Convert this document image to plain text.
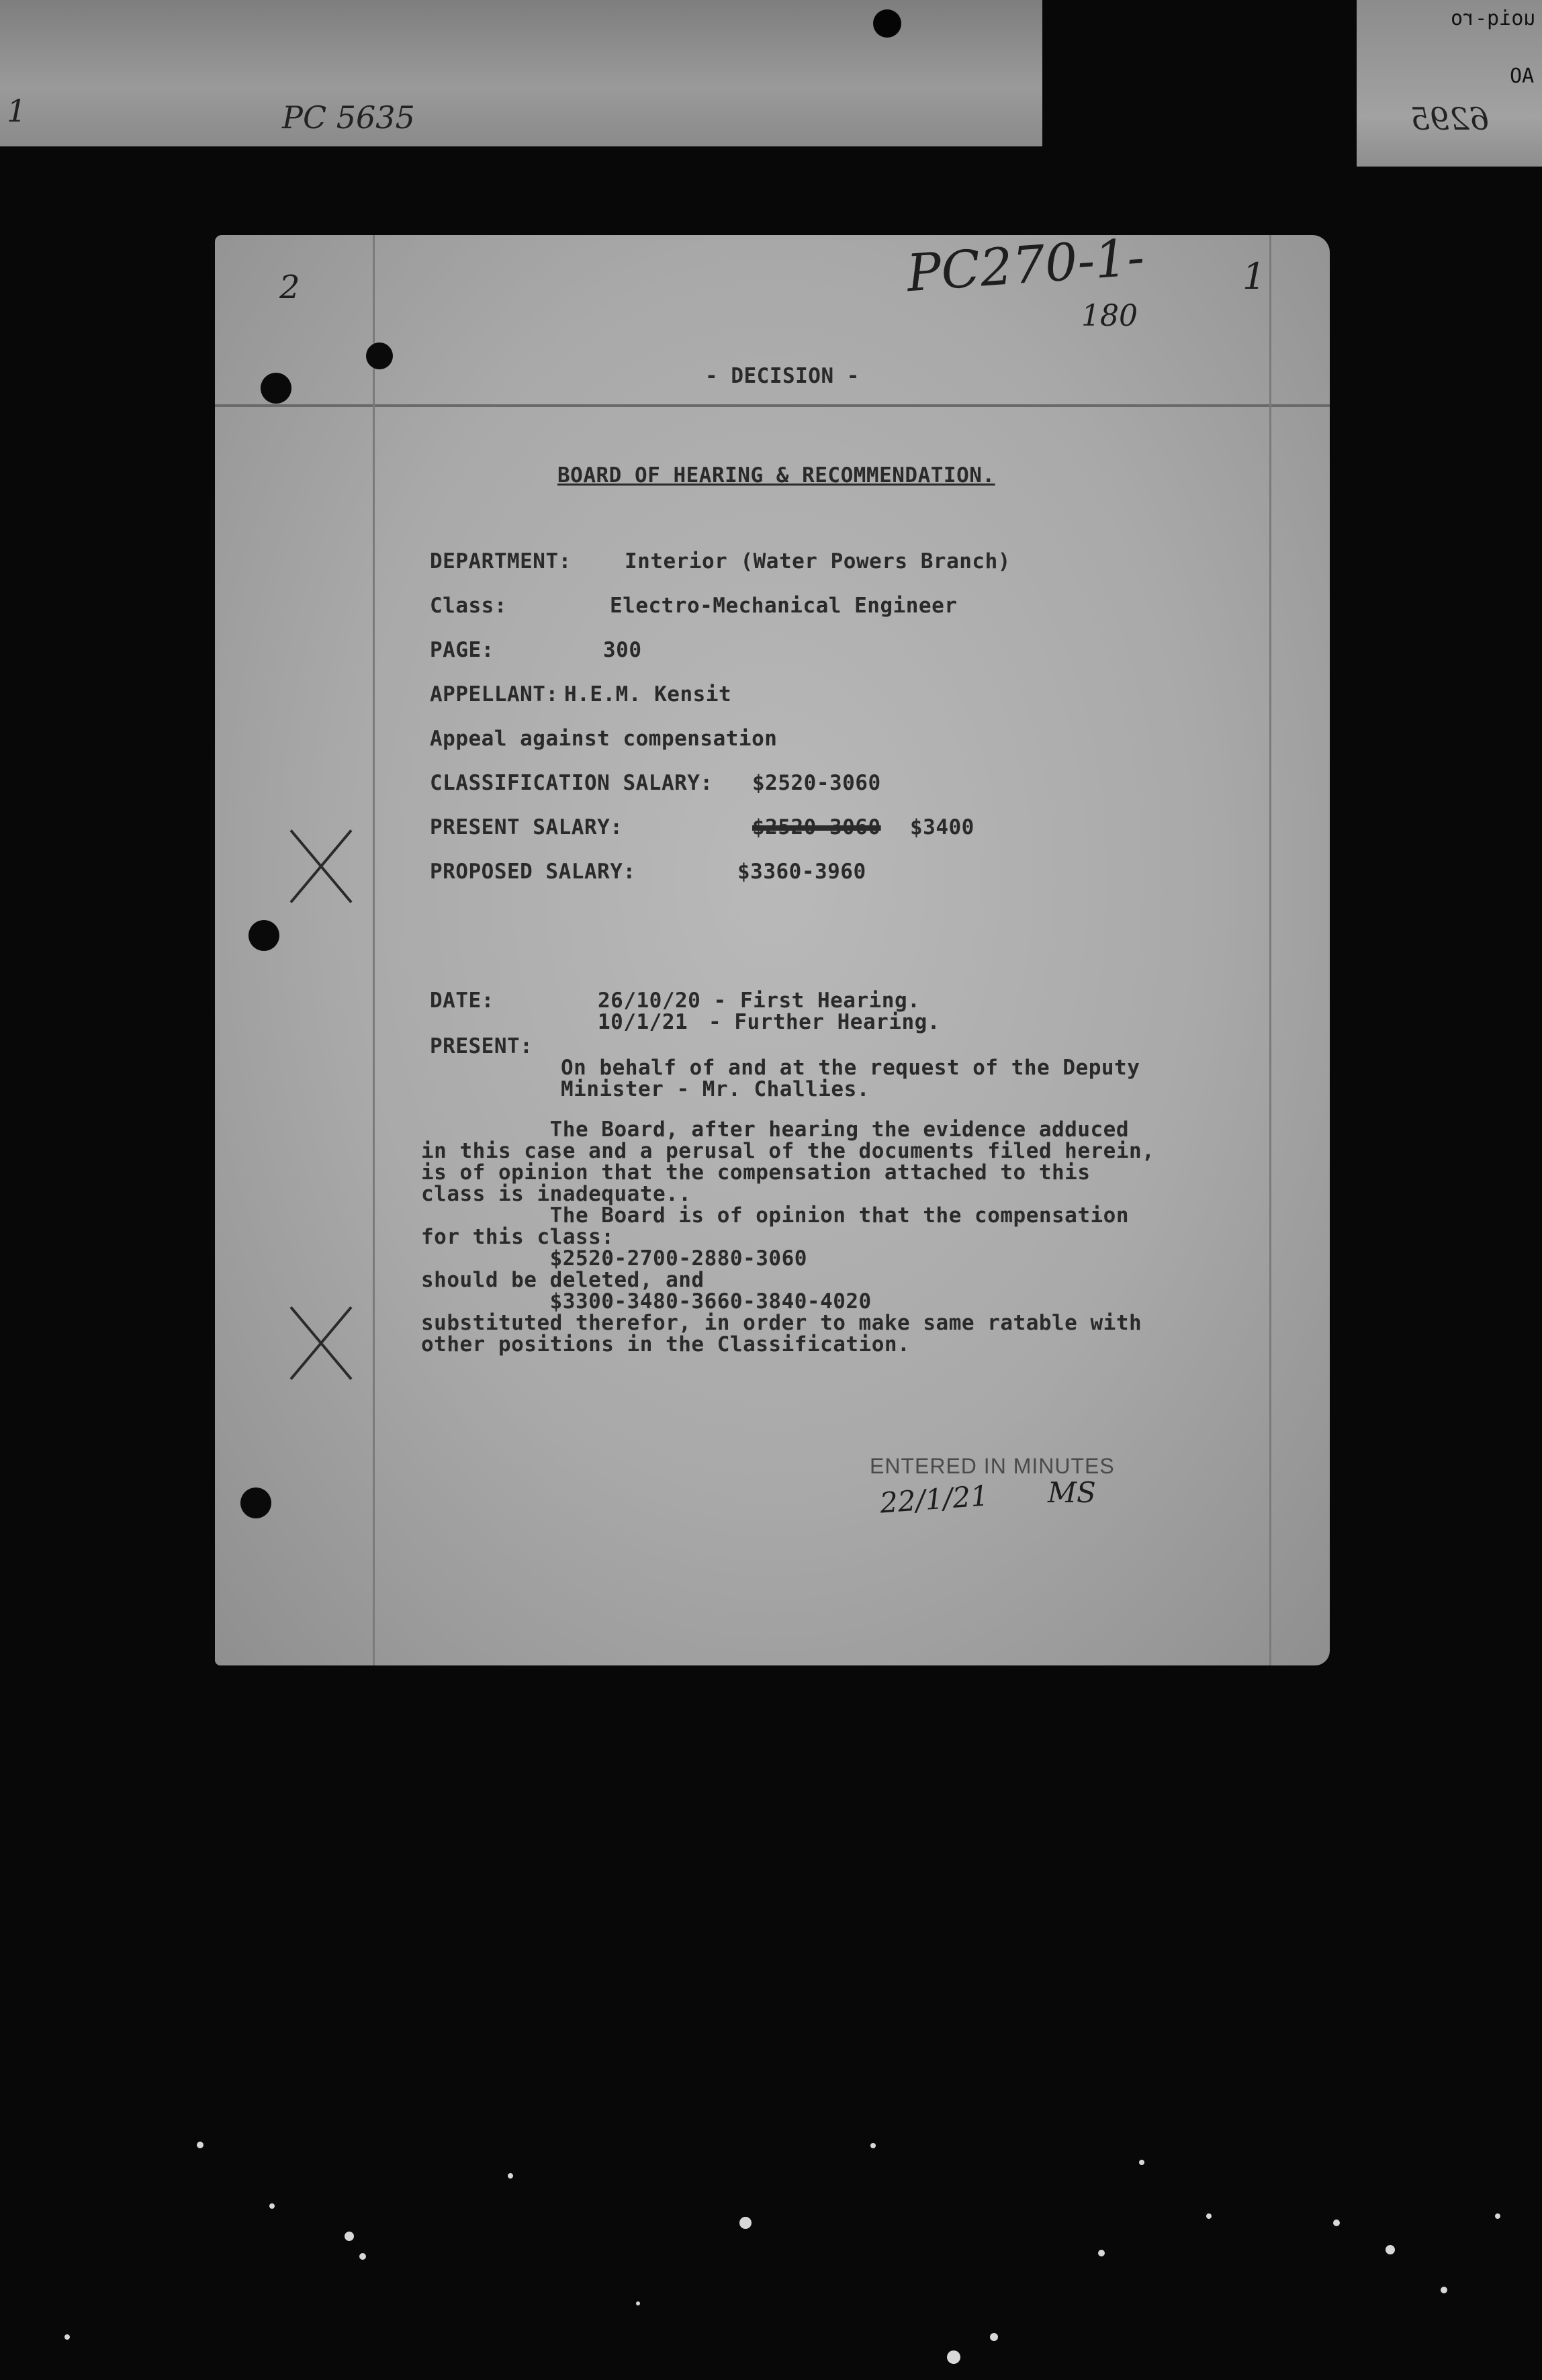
PC 5635
1
uoiq-ro
AO
6295
2	PC270-1-
180
1
- DECISION -
BOARD OF HEARING & RECOMMENDATION.
DEPARTMENT:	Interior (Water Powers Branch)
Class:	Electro-Mechanical Engineer
PAGE:	300
APPELLANT: H.E.M. Kensit
Appeal against compensation
CLASSIFICATION SALARY: $2520-3060
PRESENT SALARY:	$2520-3060 $3400
PROPOSED SALARY:	$3360-3960
DATE:	26/10/20 - First Hearing.
10/1/21 - Further Hearing.
PRESENT:
On behalf of and at the request of the Deputy
Minister - Mr. Challies.
The Board, after hearing the evidence adduced
in this case and a perusal of the documents filed herein,
is of opinion that the compensation attached to this
class is inadequate..
The Board is of opinion that the compensation
for this class:
$2520-2700-2880-3060
should be deleted, and
$3300-3480-3660-3840-4020
substituted therefor, in order to make same ratable with
other positions in the Classification.
ENTERED IN MINUTES
22/1/21 MS
